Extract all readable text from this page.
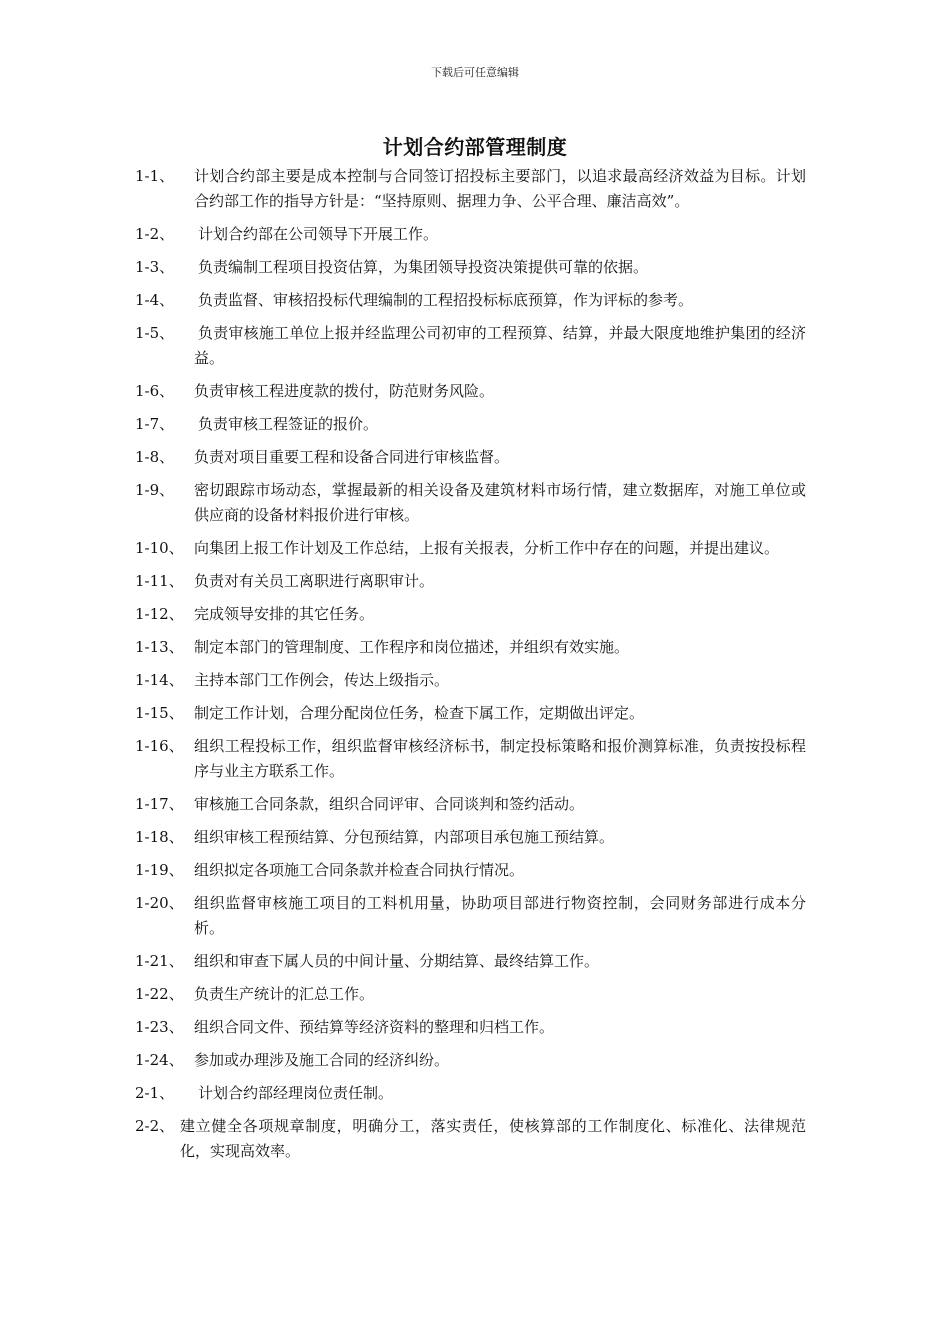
下载后可任意编辑
计划合约部管理制度
1-1、 计划合约部主要是成本控制与合同签订招投标主要部门，以追求最高经济效益为目标。计划合约部工作的指导方针是：“坚持原则、据理力争、公平合理、廉洁高效”。
1-2、 计划合约部在公司领导下开展工作。
1-3、 负责编制工程项目投资估算，为集团领导投资决策提供可靠的依据。
1-4、 负责监督、审核招投标代理编制的工程招投标标底预算，作为评标的参考。
1-5、 负责审核施工单位上报并经监理公司初审的工程预算、结算，并最大限度地维护集团的经济益。
1-6、 负责审核工程进度款的拨付，防范财务风险。
1-7、 负责审核工程签证的报价。
1-8、 负责对项目重要工程和设备合同进行审核监督。
1-9、 密切跟踪市场动态，掌握最新的相关设备及建筑材料市场行情，建立数据库，对施工单位或供应商的设备材料报价进行审核。
1-10、 向集团上报工作计划及工作总结，上报有关报表，分析工作中存在的问题，并提出建议。
1-11、 负责对有关员工离职进行离职审计。
1-12、 完成领导安排的其它任务。
1-13、 制定本部门的管理制度、工作程序和岗位描述，并组织有效实施。
1-14、 主持本部门工作例会，传达上级指示。
1-15、 制定工作计划，合理分配岗位任务，检查下属工作，定期做出评定。
1-16、 组织工程投标工作，组织监督审核经济标书，制定投标策略和报价测算标准，负责按投标程序与业主方联系工作。
1-17、 审核施工合同条款，组织合同评审、合同谈判和签约活动。
1-18、 组织审核工程预结算、分包预结算，内部项目承包施工预结算。
1-19、 组织拟定各项施工合同条款并检查合同执行情况。
1-20、 组织监督审核施工项目的工料机用量，协助项目部进行物资控制，会同财务部进行成本分析。
1-21、 组织和审查下属人员的中间计量、分期结算、最终结算工作。
1-22、 负责生产统计的汇总工作。
1-23、 组织合同文件、预结算等经济资料的整理和归档工作。
1-24、 参加或办理涉及施工合同的经济纠纷。
2-1、 计划合约部经理岗位责任制。
2-2、 建立健全各项规章制度，明确分工，落实责任，使核算部的工作制度化、标准化、法律规范化，实现高效率。
